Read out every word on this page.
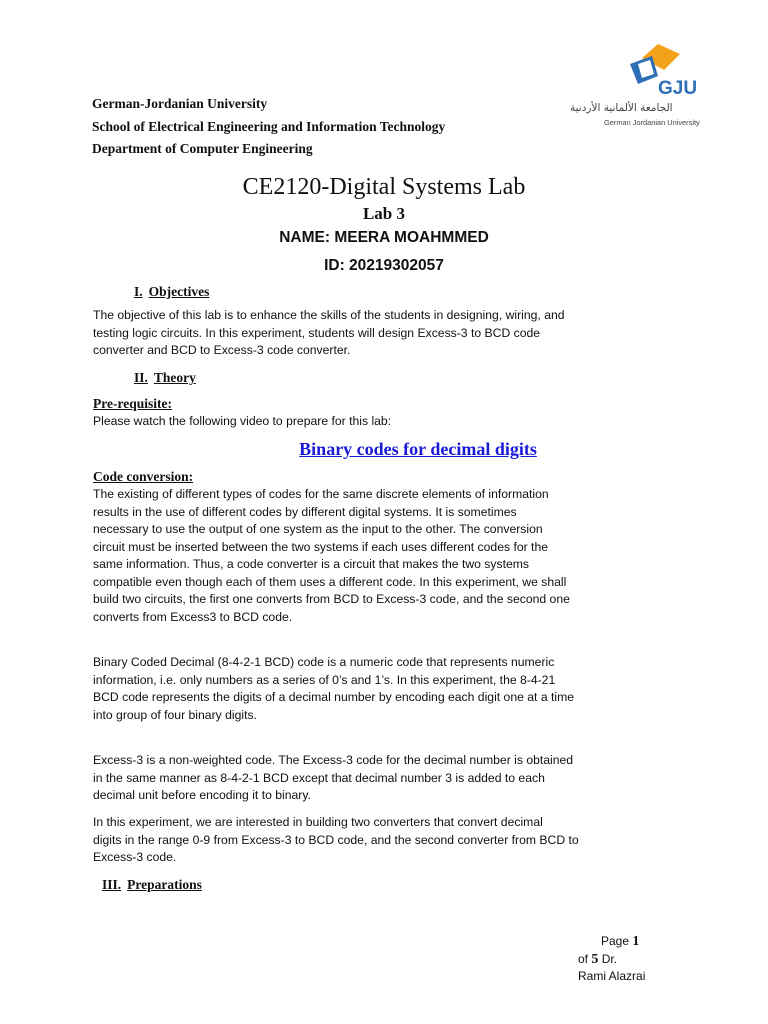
German-Jordanian University
School of Electrical Engineering and Information Technology
Department of Computer Engineering
GJU
الجامعة الألمانية الأردنية
German Jordanian University
CE2120-Digital Systems Lab
Lab 3
NAME: MEERA MOAHMMED
ID: 20219302057
I. Objectives
The objective of this lab is to enhance the skills of the students in designing, wiring, and
testing logic circuits. In this experiment, students will design Excess-3 to BCD code
converter and BCD to Excess-3 code converter.
II. Theory
Pre-requisite:
Please watch the following video to prepare for this lab:
Binary codes for decimal digits
Code conversion:
The existing of different types of codes for the same discrete elements of information
results in the use of different codes by different digital systems. It is sometimes
necessary to use the output of one system as the input to the other. The conversion
circuit must be inserted between the two systems if each uses different codes for the
same information. Thus, a code converter is a circuit that makes the two systems
compatible even though each of them uses a different code. In this experiment, we shall
build two circuits, the first one converts from BCD to Excess-3 code, and the second one
converts from Excess3 to BCD code.
Binary Coded Decimal (8-4-2-1 BCD) code is a numeric code that represents numeric
information, i.e. only numbers as a series of 0’s and 1’s. In this experiment, the 8-4-21
BCD code represents the digits of a decimal number by encoding each digit one at a time
into group of four binary digits.
Excess-3 is a non-weighted code. The Excess-3 code for the decimal number is obtained
in the same manner as 8-4-2-1 BCD except that decimal number 3 is added to each
decimal unit before encoding it to binary.
In this experiment, we are interested in building two converters that convert decimal
digits in the range 0-9 from Excess-3 to BCD code, and the second converter from BCD to
Excess-3 code.
III. Preparations
Page 1
of 5 Dr.
Rami Alazrai
